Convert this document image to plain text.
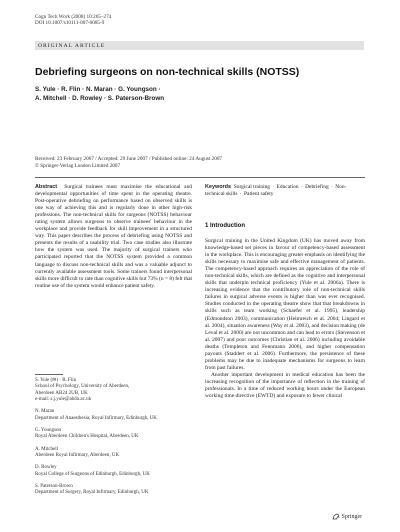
Cogn Tech Work (2008) 10:265–274
DOI 10.1007/s10111-007-0085-9
ORIGINAL ARTICLE
Debriefing surgeons on non-technical skills (NOTSS)
S. Yule · R. Flin · N. Maran · G. Youngson ·
A. Mitchell · D. Rowley · S. Paterson-Brown
Received: 23 February 2007 / Accepted: 29 June 2007 / Published online: 24 August 2007
© Springer-Verlag London Limited 2007

Abstract Surgical trainees must maximise the educational and developmental opportunities of time spent in the operating theatre. Post-operative debriefing on performance based on observed skills is one way of achieving this and is regularly done in other high-risk professions. The non-technical skills for surgeons (NOTSS) behaviour rating system allows surgeons to observe trainees' behaviour in the workplace and provide feedback for skill improvement in a structured way. This paper describes the process of debriefing using NOTSS and presents the results of a usability trial. Two case studies also illustrate how the system was used. The majority of surgical trainers who participated reported that the NOTSS system provided a common language to discuss non-technical skills and was a valuable adjunct to currently available assessment tools. Some trainers found interpersonal skills more difficult to rate than cognitive skills but 73% (n = 8) felt that routine use of the system would enhance patient safety.

Keywords Surgical training · Education · Debriefing · Non-technical skills · Patient safety

S. Yule (✉) · R. Flin
School of Psychology, University of Aberdeen,
Aberdeen AB24 2UB, UK
e-mail: s.j.yule@abdn.ac.uk
N. Maran
Department of Anaesthesia, Royal Infirmary, Edinburgh, UK
G. Youngson
Royal Aberdeen Children's Hospital, Aberdeen, UK
A. Mitchell
Aberdeen Royal Infirmary, Aberdeen, UK
D. Rowley
Royal College of Surgeons of Edinburgh, Edinburgh, UK
S. Paterson-Brown
Department of Surgery, Royal Infirmary, Edinburgh, UK
1 Introduction

Surgical training in the United Kingdom (UK) has moved away from knowledge-based set pieces in favour of competency-based assessment in the workplace. This is encouraging greater emphasis on identifying the skills necessary to maximise safe and effective management of patients. The competency-based approach requires an appreciation of the role of non-technical skills, which are defined as the cognitive and interpersonal skills that underpin technical proficiency (Yule et al. 2006a). There is increasing evidence that the contributory role of non-technical skills failures in surgical adverse events is higher than was ever recognised. Studies conducted in the operating theatre show that that breakdowns in skills such as team working (Schaefer et al. 1995), leadership (Edmondson 2003), communication (Helmreich et al. 2004; Lingard et al. 2004), situation awareness (Way et al. 2003), and decision making (de Leval et al. 2000) are not uncommon and can lead to errors (Stevenson et al. 2007) and poor outcomes (Christian et al. 2006) including avoidable deaths (Templeton and Fennmann 2006), and higher compensation payouts (Staddert et al. 2006). Furthermore, the persistence of these problems may be due to inadequate mechanisms for surgeons to learn from past failures.

Another important development in medical education has been the increasing recognition of the importance of reflection in the training of professionals. In a time of reduced working hours under the European working time directive (EWTD) and exposure to fewer clinical

Springer
